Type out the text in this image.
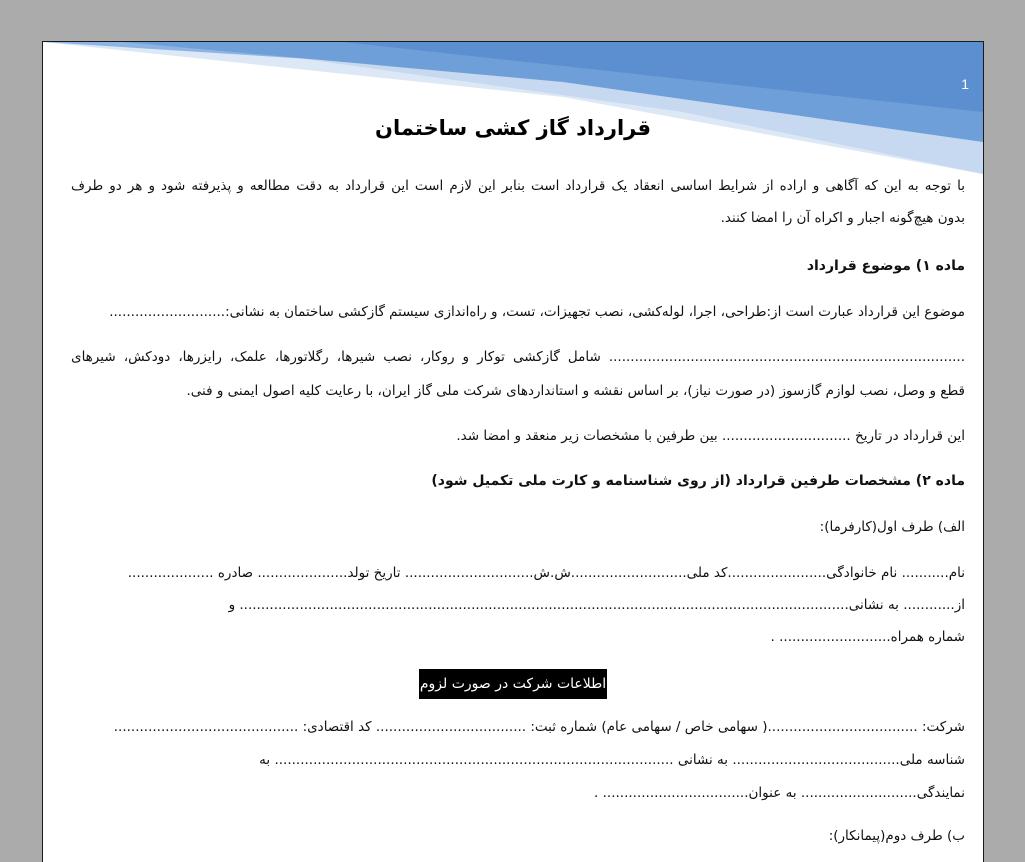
1
قرارداد گاز کشی ساختمان
با توجه به این که آگاهی و اراده از شرایط اساسی انعقاد یک قرارداد است بنابر این لازم است این قرارداد به دقت مطالعه و پذیرفته شود و هر دو طرف
بدون هیچ‌گونه اجبار و اکراه آن را امضا کنند.
ماده ۱) موضوع قرارداد
موضوع این قرارداد عبارت است از:طراحی، اجرا، لوله‌کشی، نصب تجهیزات، تست، و راه‌اندازی سیستم گازکشی ساختمان به نشانی:...........................
................................................................................... شامل گازکشی توکار و روکار، نصب شیرها، رگلاتورها، علمک، رایزرها، دودکش، شیرهای
قطع و وصل، نصب لوازم گازسوز (در صورت نیاز)، بر اساس نقشه و استانداردهای شرکت ملی گاز ایران، با رعایت کلیه اصول ایمنی و فنی.
این قرارداد در تاریخ .............................. بین طرفین با مشخصات زیر منعقد و امضا شد.
ماده ۲) مشخصات طرفین قرارداد (از روی شناسنامه و کارت ملی تکمیل شود)
الف) طرف اول(کارفرما):
نام........... نام خانوادگی.......................کد ملی...........................ش.ش.............................. تاریخ تولد..................... صادره ....................
از............ به نشانی.............................................................................................................................................. و
شماره همراه.......................... .
اطلاعات شرکت در صورت لزوم
شرکت: ...................................( سهامی خاص / سهامی عام) شماره ثبت: ................................... کد اقتصادی: ...........................................
شناسه ملی....................................... به نشانی ............................................................................................. به
نمایندگی........................... به عنوان.................................. .
ب) طرف دوم(پیمانکار):
